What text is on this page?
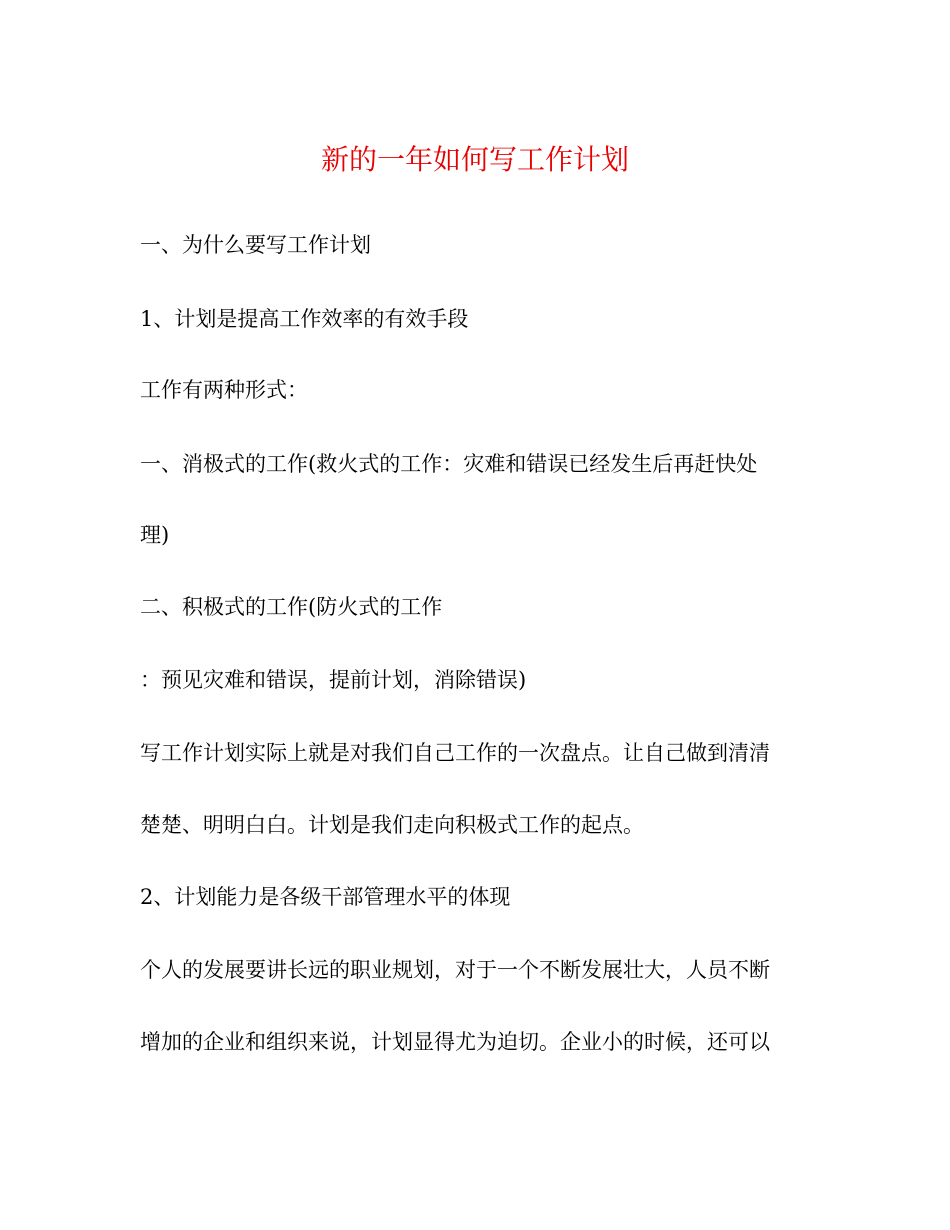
新的一年如何写工作计划

一、为什么要写工作计划

1、计划是提高工作效率的有效手段

工作有两种形式：

一、消极式的工作(救火式的工作：灾难和错误已经发生后再赶快处

理)

二、积极式的工作(防火式的工作

：预见灾难和错误，提前计划，消除错误)

写工作计划实际上就是对我们自己工作的一次盘点。让自己做到清清

楚楚、明明白白。计划是我们走向积极式工作的起点。

2、计划能力是各级干部管理水平的体现

个人的发展要讲长远的职业规划，对于一个不断发展壮大，人员不断

增加的企业和组织来说，计划显得尤为迫切。企业小的时候，还可以
